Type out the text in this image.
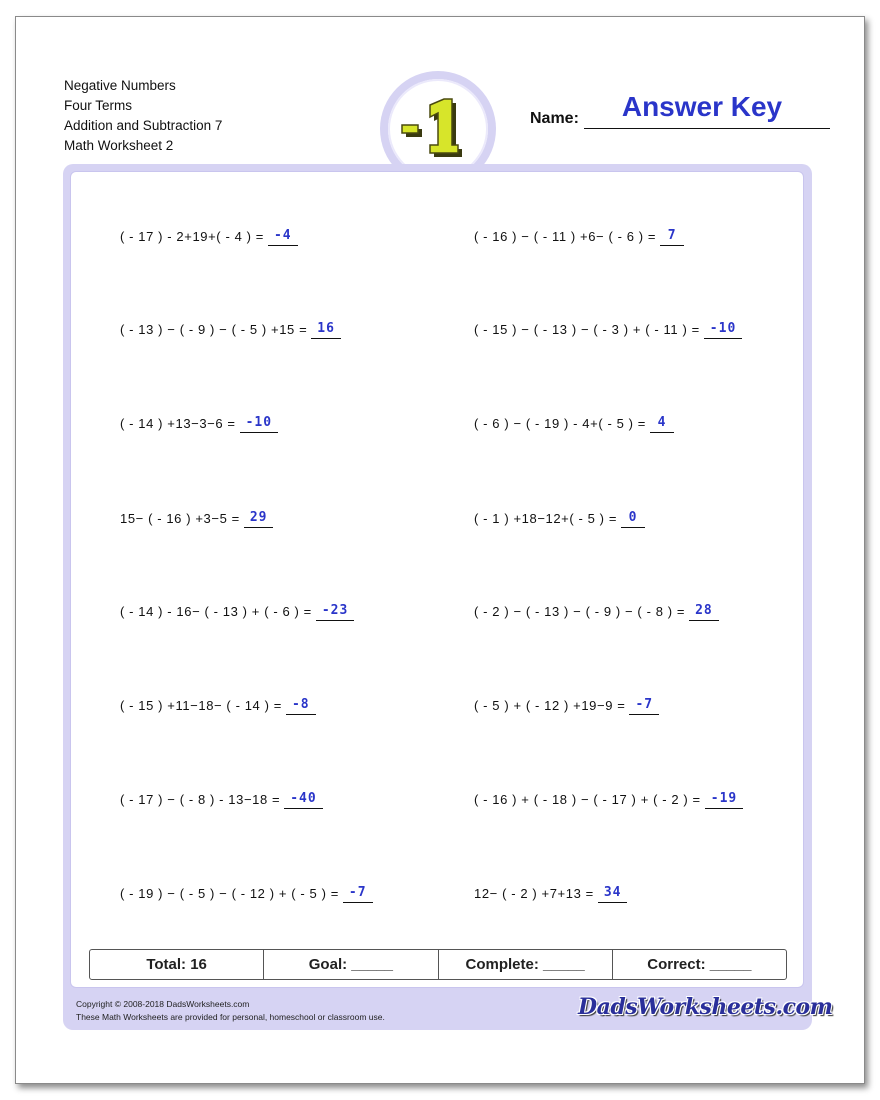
Negative Numbers
Four Terms
Addition and Subtraction 7
Math Worksheet 2
Answer Key
Name:
( - 17 ) - 2+19+( - 4 ) = -4	( - 16 ) − ( - 11 ) +6− ( - 6 ) = 7
( - 13 ) − ( - 9 ) − ( - 5 ) +15 = 16	( - 15 ) − ( - 13 ) − ( - 3 ) + ( - 11 ) = -10
( - 14 ) +13−3−6 = -10	( - 6 ) − ( - 19 ) - 4+( - 5 ) = 4
15− ( - 16 ) +3−5 = 29	( - 1 ) +18−12+( - 5 ) = 0
( - 14 ) - 16− ( - 13 ) + ( - 6 ) = -23	( - 2 ) − ( - 13 ) − ( - 9 ) − ( - 8 ) = 28
( - 15 ) +11−18− ( - 14 ) = -8	( - 5 ) + ( - 12 ) +19−9 = -7
( - 17 ) − ( - 8 ) - 13−18 = -40	( - 16 ) + ( - 18 ) − ( - 17 ) + ( - 2 ) = -19
( - 19 ) − ( - 5 ) − ( - 12 ) + ( - 5 ) = -7	12− ( - 2 ) +7+13 = 34
Total: 16	Goal: _____	Complete: _____	Correct: _____
Copyright © 2008-2018 DadsWorksheets.com
These Math Worksheets are provided for personal, homeschool or classroom use.	DadsWorksheets.com
